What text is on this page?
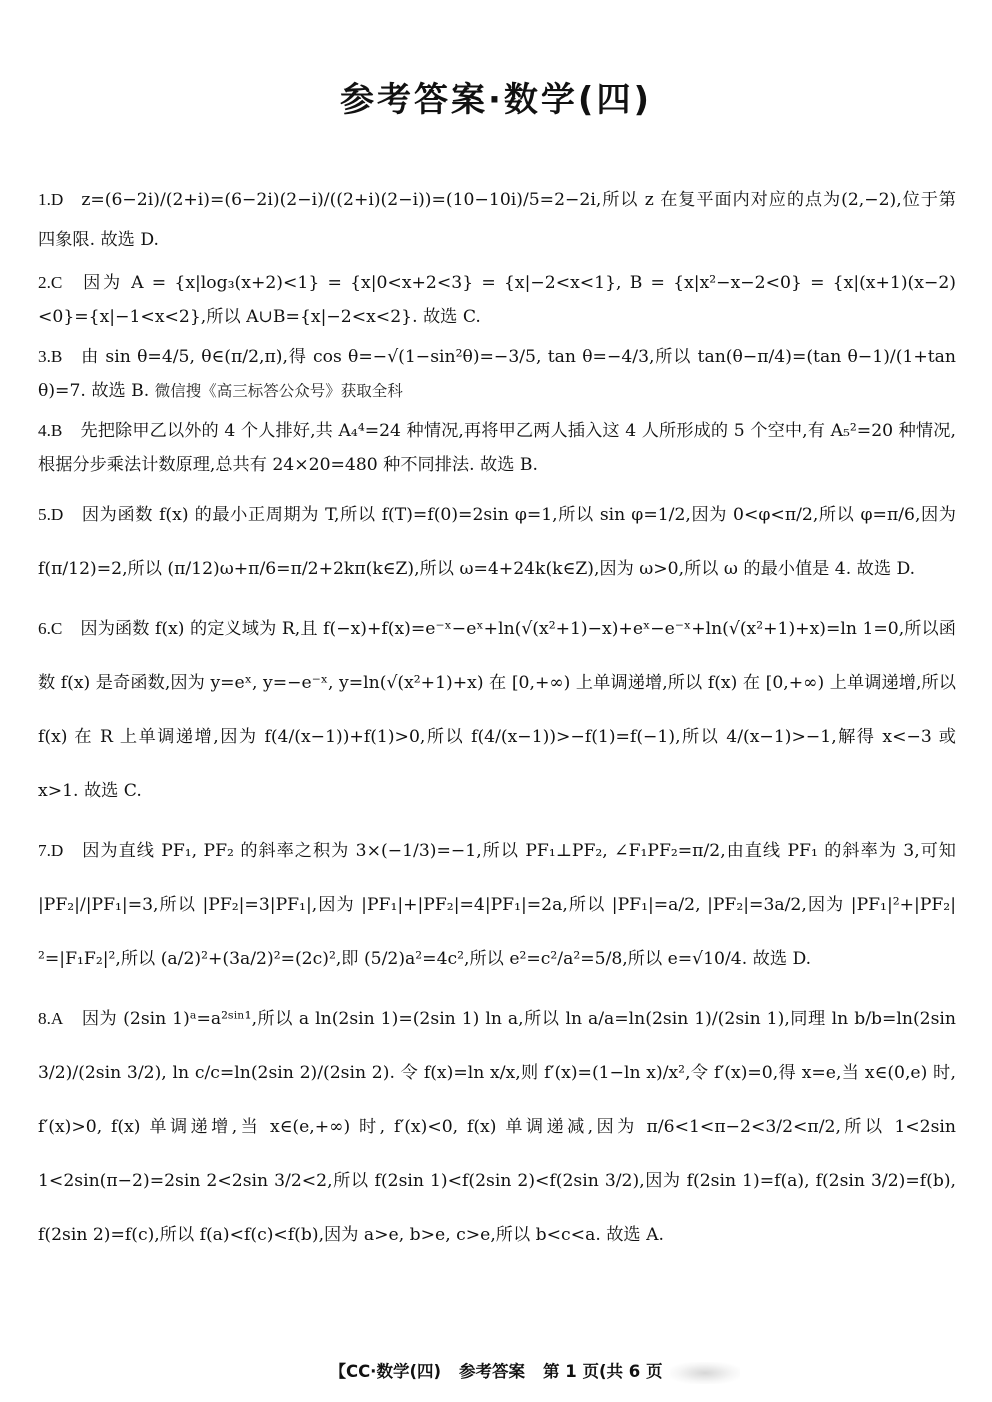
参考答案·数学(四)
1.D z=(6−2i)/(2+i)=(6−2i)(2−i)/((2+i)(2−i))=(10−10i)/5=2−2i,所以 z 在复平面内对应的点为(2,−2),位于第四象限. 故选 D.
2.C 因为 A = {x|log₃(x+2)<1} = {x|0<x+2<3} = {x|−2<x<1}, B = {x|x²−x−2<0} = {x|(x+1)(x−2)<0}={x|−1<x<2},所以 A∪B={x|−2<x<2}. 故选 C.
3.B 由 sin θ=4/5, θ∈(π/2,π),得 cos θ=−√(1−sin²θ)=−3/5, tan θ=−4/3,所以 tan(θ−π/4)=(tan θ−1)/(1+tan θ)=7. 故选 B. 微信搜《高三标答公众号》获取全科
4.B 先把除甲乙以外的 4 个人排好,共 A₄⁴=24 种情况,再将甲乙两人插入这 4 人所形成的 5 个空中,有 A₅²=20 种情况,根据分步乘法计数原理,总共有 24×20=480 种不同排法. 故选 B.
5.D 因为函数 f(x) 的最小正周期为 T,所以 f(T)=f(0)=2sin φ=1,所以 sin φ=1/2,因为 0<φ<π/2,所以 φ=π/6,因为 f(π/12)=2,所以 (π/12)ω+π/6=π/2+2kπ(k∈Z),所以 ω=4+24k(k∈Z),因为 ω>0,所以 ω 的最小值是 4. 故选 D.
6.C 因为函数 f(x) 的定义域为 R,且 f(−x)+f(x)=e⁻ˣ−eˣ+ln(√(x²+1)−x)+eˣ−e⁻ˣ+ln(√(x²+1)+x)=ln 1=0,所以函数 f(x) 是奇函数,因为 y=eˣ, y=−e⁻ˣ, y=ln(√(x²+1)+x) 在 [0,+∞) 上单调递增,所以 f(x) 在 [0,+∞) 上单调递增,所以 f(x) 在 R 上单调递增,因为 f(4/(x−1))+f(1)>0,所以 f(4/(x−1))>−f(1)=f(−1),所以 4/(x−1)>−1,解得 x<−3 或 x>1. 故选 C.
7.D 因为直线 PF₁, PF₂ 的斜率之积为 3×(−1/3)=−1,所以 PF₁⊥PF₂, ∠F₁PF₂=π/2,由直线 PF₁ 的斜率为 3,可知 |PF₂|/|PF₁|=3,所以 |PF₂|=3|PF₁|,因为 |PF₁|+|PF₂|=4|PF₁|=2a,所以 |PF₁|=a/2, |PF₂|=3a/2,因为 |PF₁|²+|PF₂|²=|F₁F₂|²,所以 (a/2)²+(3a/2)²=(2c)²,即 (5/2)a²=4c²,所以 e²=c²/a²=5/8,所以 e=√10/4. 故选 D.
8.A 因为 (2sin 1)ᵃ=a²ˢⁱⁿ¹,所以 a ln(2sin 1)=(2sin 1) ln a,所以 ln a/a=ln(2sin 1)/(2sin 1),同理 ln b/b=ln(2sin 3/2)/(2sin 3/2), ln c/c=ln(2sin 2)/(2sin 2). 令 f(x)=ln x/x,则 f′(x)=(1−ln x)/x²,令 f′(x)=0,得 x=e,当 x∈(0,e) 时, f′(x)>0, f(x) 单调递增,当 x∈(e,+∞) 时, f′(x)<0, f(x) 单调递减,因为 π/6<1<π−2<3/2<π/2,所以 1<2sin 1<2sin(π−2)=2sin 2<2sin 3/2<2,所以 f(2sin 1)<f(2sin 2)<f(2sin 3/2),因为 f(2sin 1)=f(a), f(2sin 3/2)=f(b), f(2sin 2)=f(c),所以 f(a)<f(c)<f(b),因为 a>e, b>e, c>e,所以 b<c<a. 故选 A.
【CC·数学(四) 参考答案 第 1 页(共 6 页
